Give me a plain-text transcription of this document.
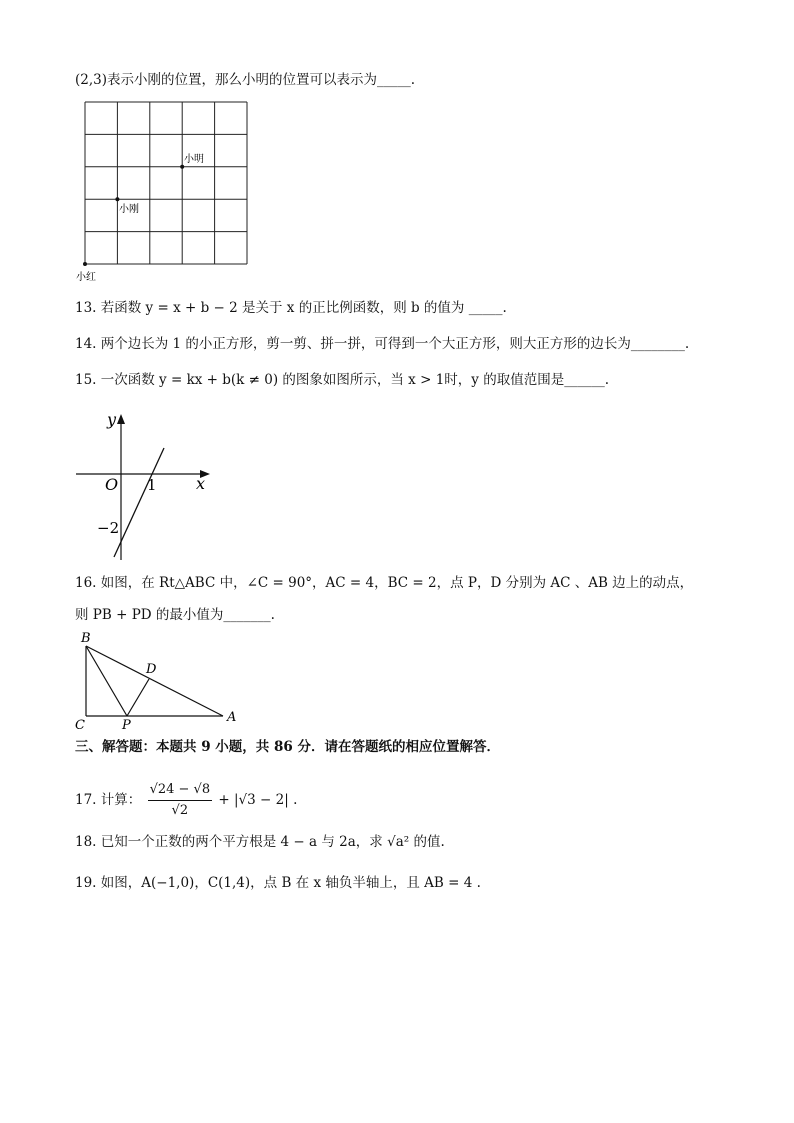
(2,3)表示小刚的位置，那么小明的位置可以表示为_____.
小明
小刚
小红
13. 若函数 y = x + b − 2 是关于 x 的正比例函数，则 b 的值为 _____.
14. 两个边长为 1 的小正方形，剪一剪、拼一拼，可得到一个大正方形，则大正方形的边长为________.
15. 一次函数 y = kx + b(k ≠ 0) 的图象如图所示，当 x > 1时，y 的取值范围是______.
y
x
O 1
−2
16. 如图，在 Rt△ABC 中，∠C = 90°，AC = 4，BC = 2，点 P，D 分别为 AC 、AB 边上的动点，
则 PB + PD 的最小值为_______.
B
C	P
D
A
三、解答题：本题共 9 小题，共 86 分．请在答题纸的相应位置解答．
17. 计算： $\frac{√24 - √8}{√2} + |√3 - 2|$ .
18. 已知一个正数的两个平方根是 4 − a 与 2a，求 √a² 的值.
19. 如图，A(−1,0)，C(1,4)，点 B 在 x 轴负半轴上，且 AB = 4 .
